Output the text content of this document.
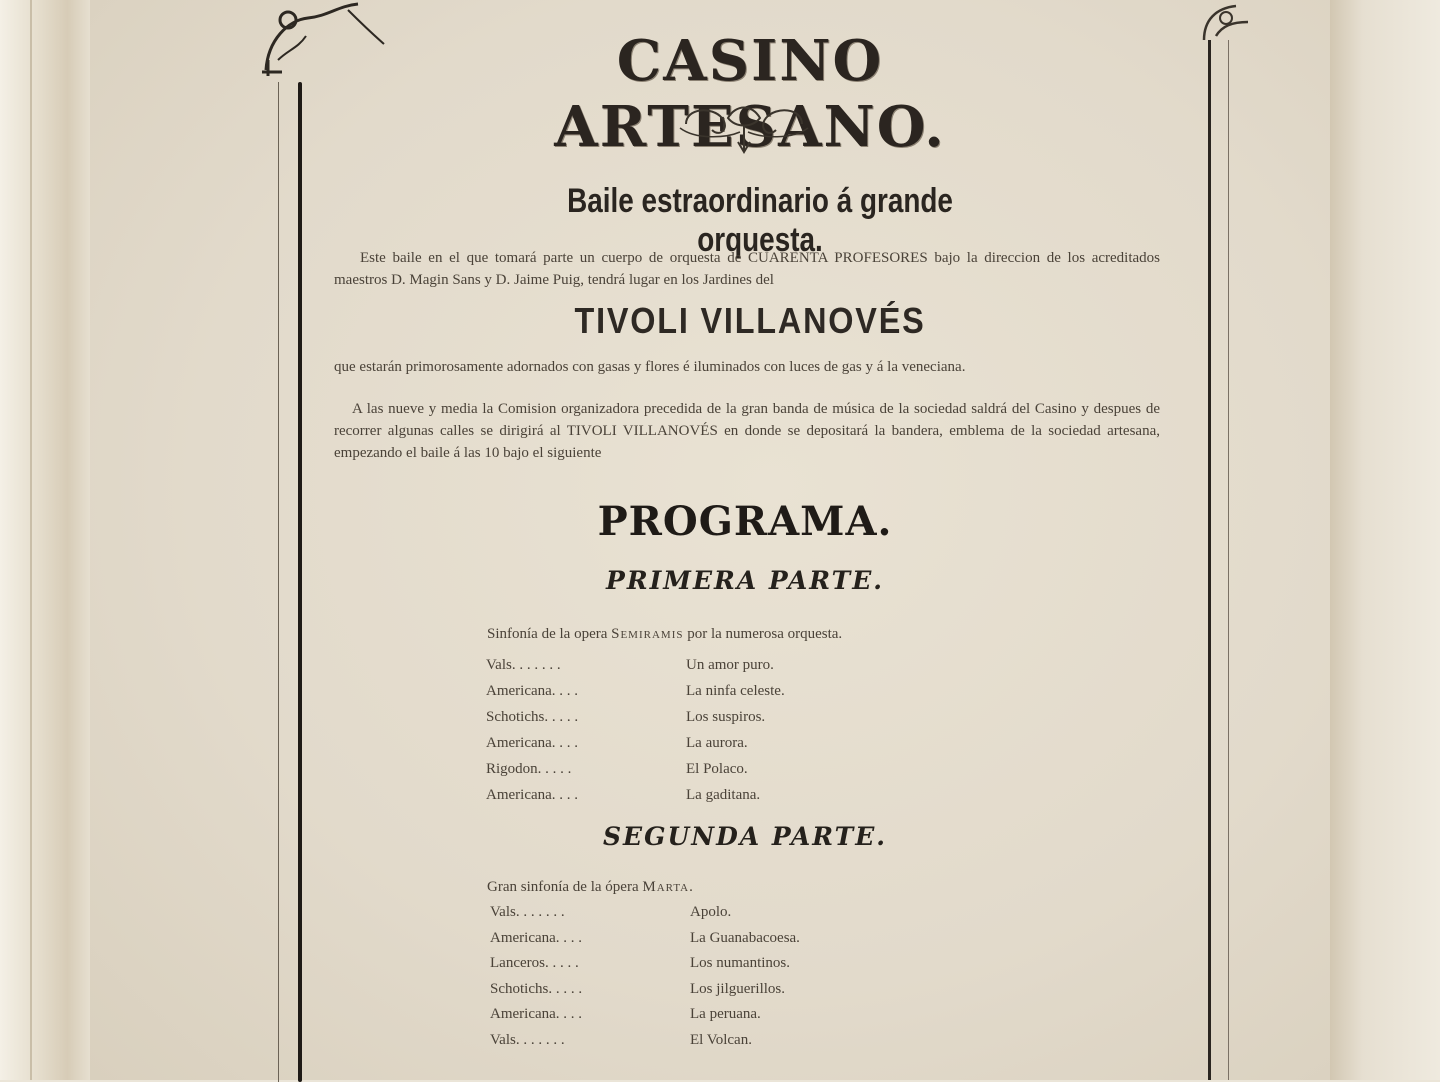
CASINO ARTESANO.
Baile estraordinario á grande orquesta.

Este baile en el que tomará parte un cuerpo de orquesta de CUARENTA PROFESORES bajo la direccion de los acreditados maestros D. Magin Sans y D. Jaime Puig, tendrá lugar en los Jardines del

TIVOLI VILLANOVÉS

que estarán primorosamente adornados con gasas y flores é iluminados con luces de gas y á la veneciana.

A las nueve y media la Comision organizadora precedida de la gran banda de música de la sociedad saldrá del Casino y despues de recorrer algunas calles se dirigirá al TIVOLI VILLANOVÉS en donde se depositará la bandera, emblema de la sociedad artesana, empezando el baile á las 10 bajo el siguiente

PROGRAMA.
PRIMERA PARTE.

Sinfonía de la opera Semiramis por la numerosa orquesta.

Vals. . . . . . .	Un amor puro.
Americana. . . .	La ninfa celeste.
Schotichs. . . . .	Los suspiros.
Americana. . . .	La aurora.
Rigodon. . . . .	El Polaco.
Americana. . . .	La gaditana.
SEGUNDA PARTE.

Gran sinfonía de la ópera Marta.

Vals. . . . . . .	Apolo.
Americana. . . .	La Guanabacoesa.
Lanceros. . . . .	Los numantinos.
Schotichs. . . . .	Los jilguerillos.
Americana. . . .	La peruana.
Vals. . . . . . .	El Volcan.
